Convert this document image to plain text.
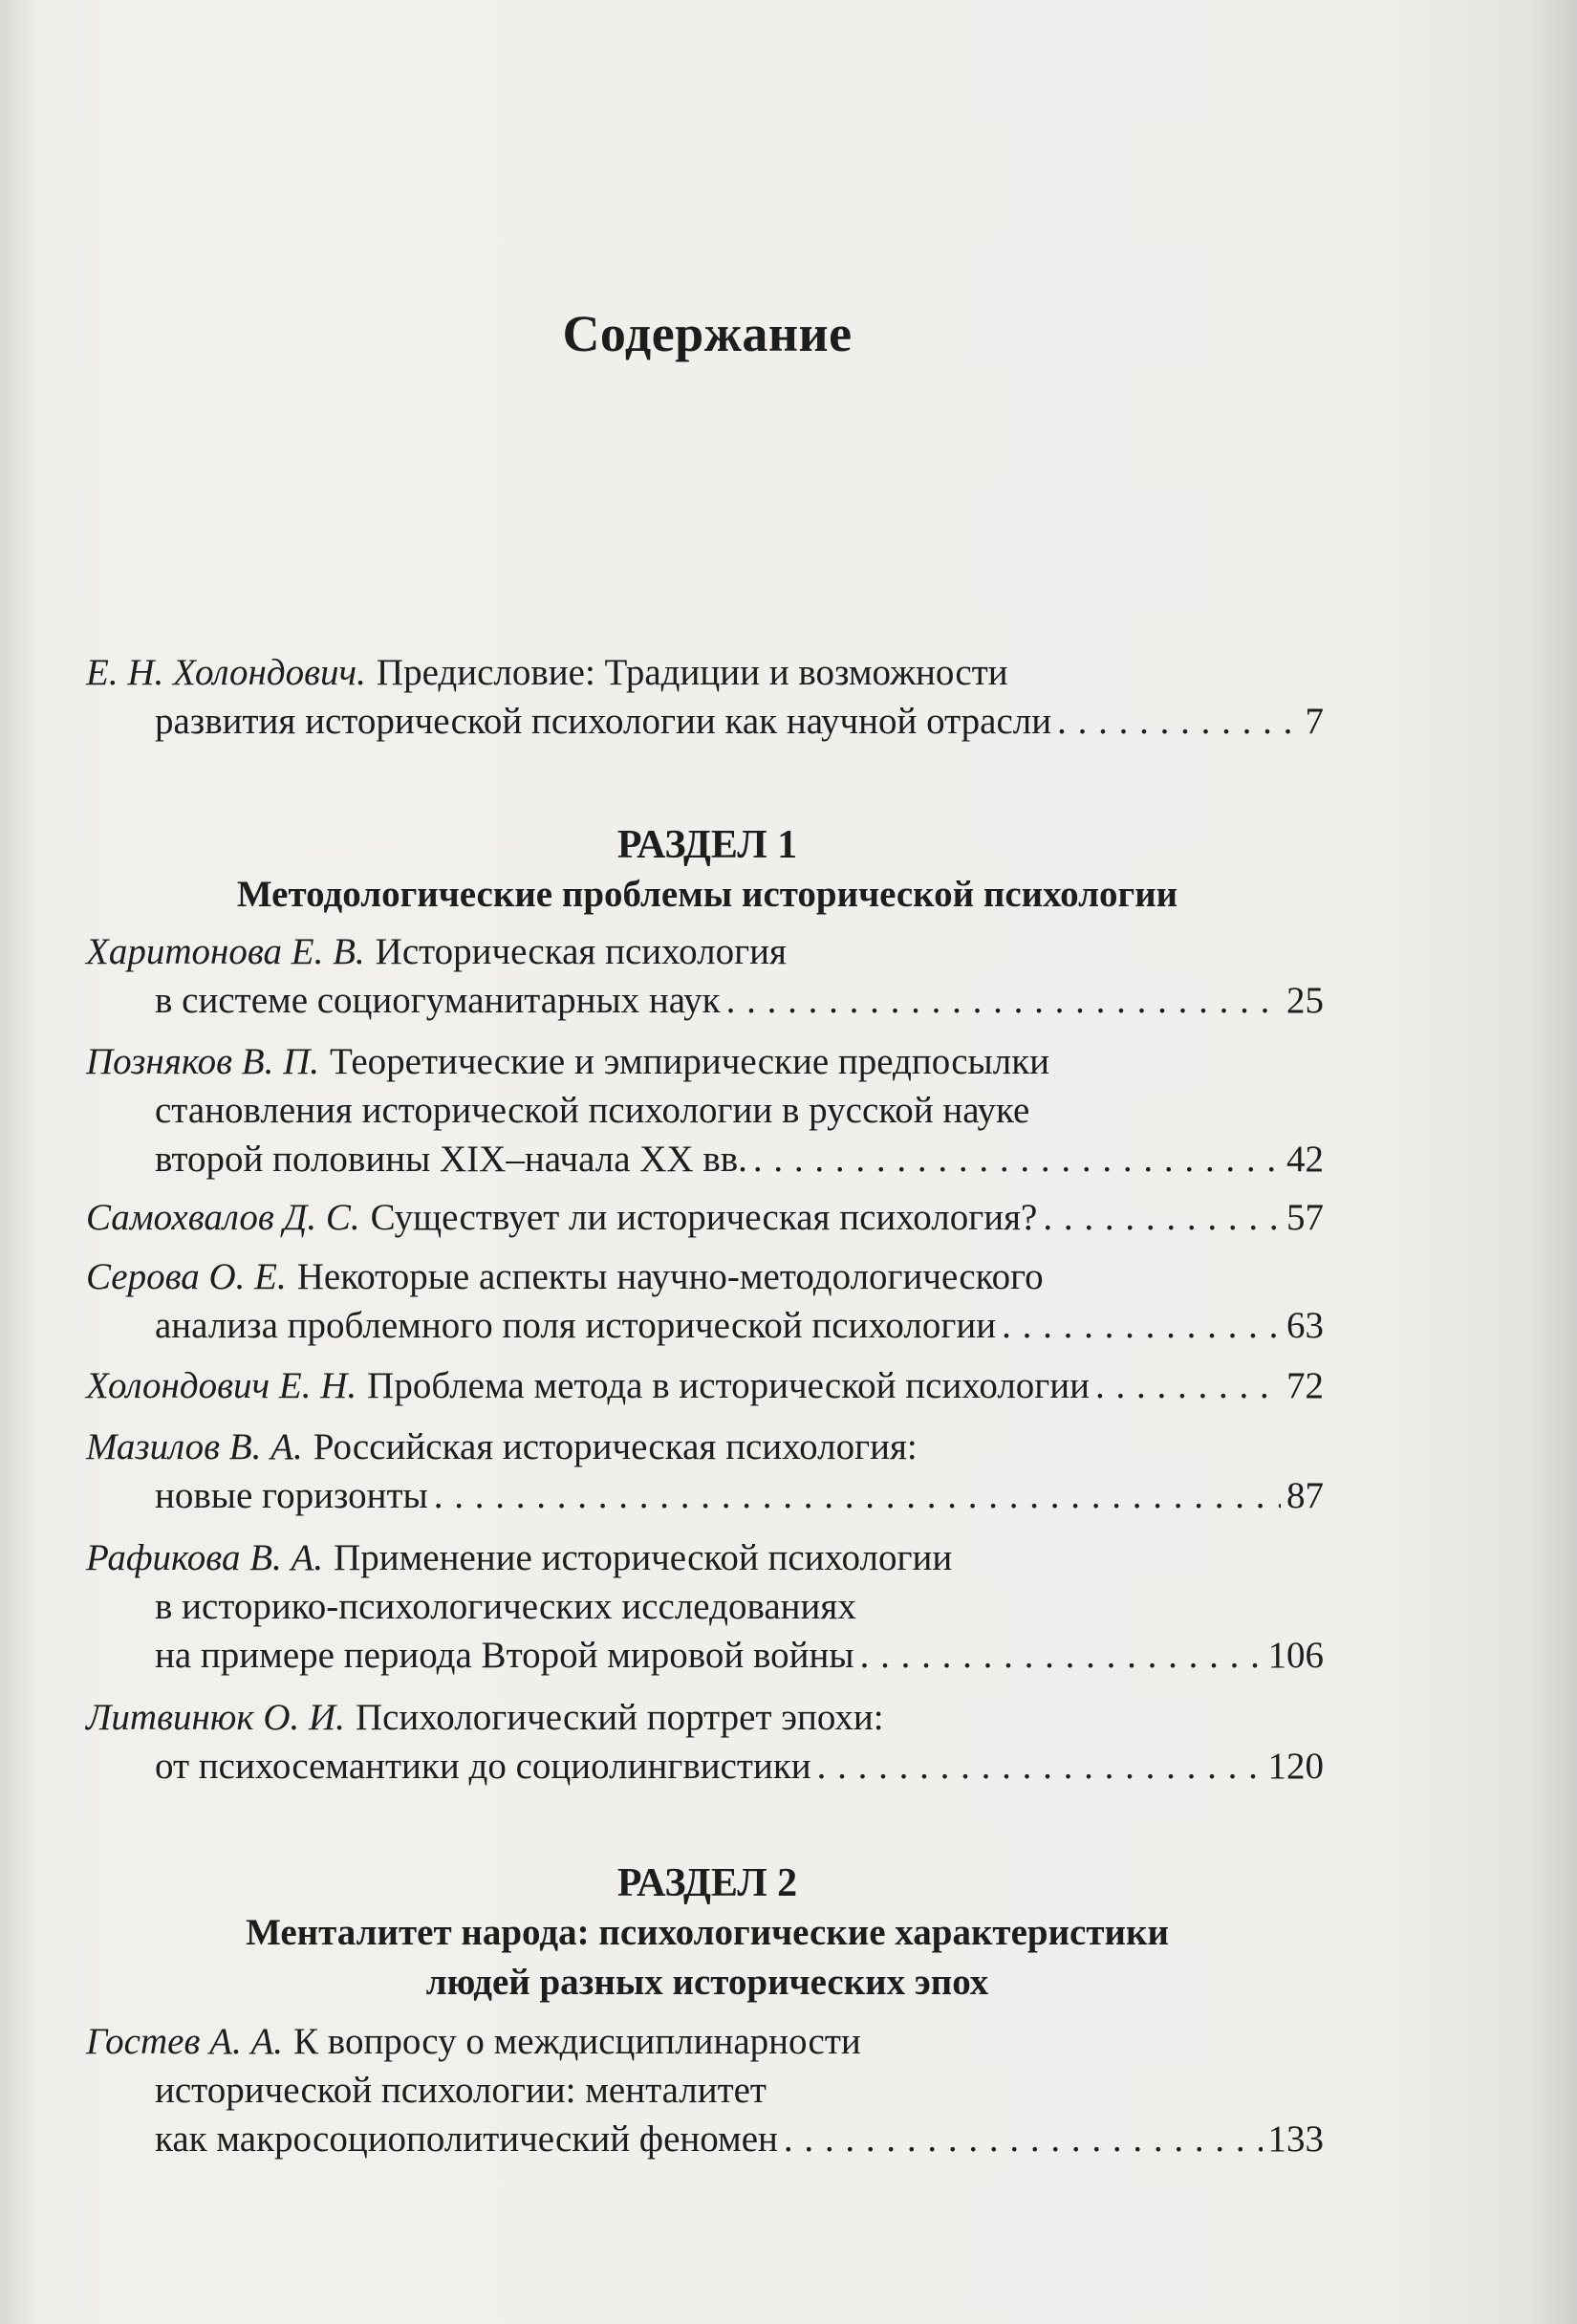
Содержание
Е. Н. Холондович. Предисловие: Традиции и возможности
развития исторической психологии как научной отрасли . . .	7
РАЗДЕЛ 1
Методологические проблемы исторической психологии
Харитонова Е. В. Историческая психология
в системе социогуманитарных наук . . .	25
Позняков В. П. Теоретические и эмпирические предпосылки
становления исторической психологии в русской науке
второй половины XIX–начала XX вв. . . .	42
Самохвалов Д. С. Существует ли историческая психология? . . .	57
Серова О. Е. Некоторые аспекты научно-методологического
анализа проблемного поля исторической психологии . . .	63
Холондович Е. Н. Проблема метода в исторической психологии . . .	72
Мазилов В. А. Российская историческая психология:
новые горизонты . . .	87
Рафикова В. А. Применение исторической психологии
в историко-психологических исследованиях
на примере периода Второй мировой войны . . .	106
Литвинюк О. И. Психологический портрет эпохи:
от психосемантики до социолингвистики . . .	120
РАЗДЕЛ 2
Менталитет народа: психологические характеристики
людей разных исторических эпох
Гостев А. А. К вопросу о междисциплинарности
исторической психологии: менталитет
как макросоциополитический феномен . . .	133
